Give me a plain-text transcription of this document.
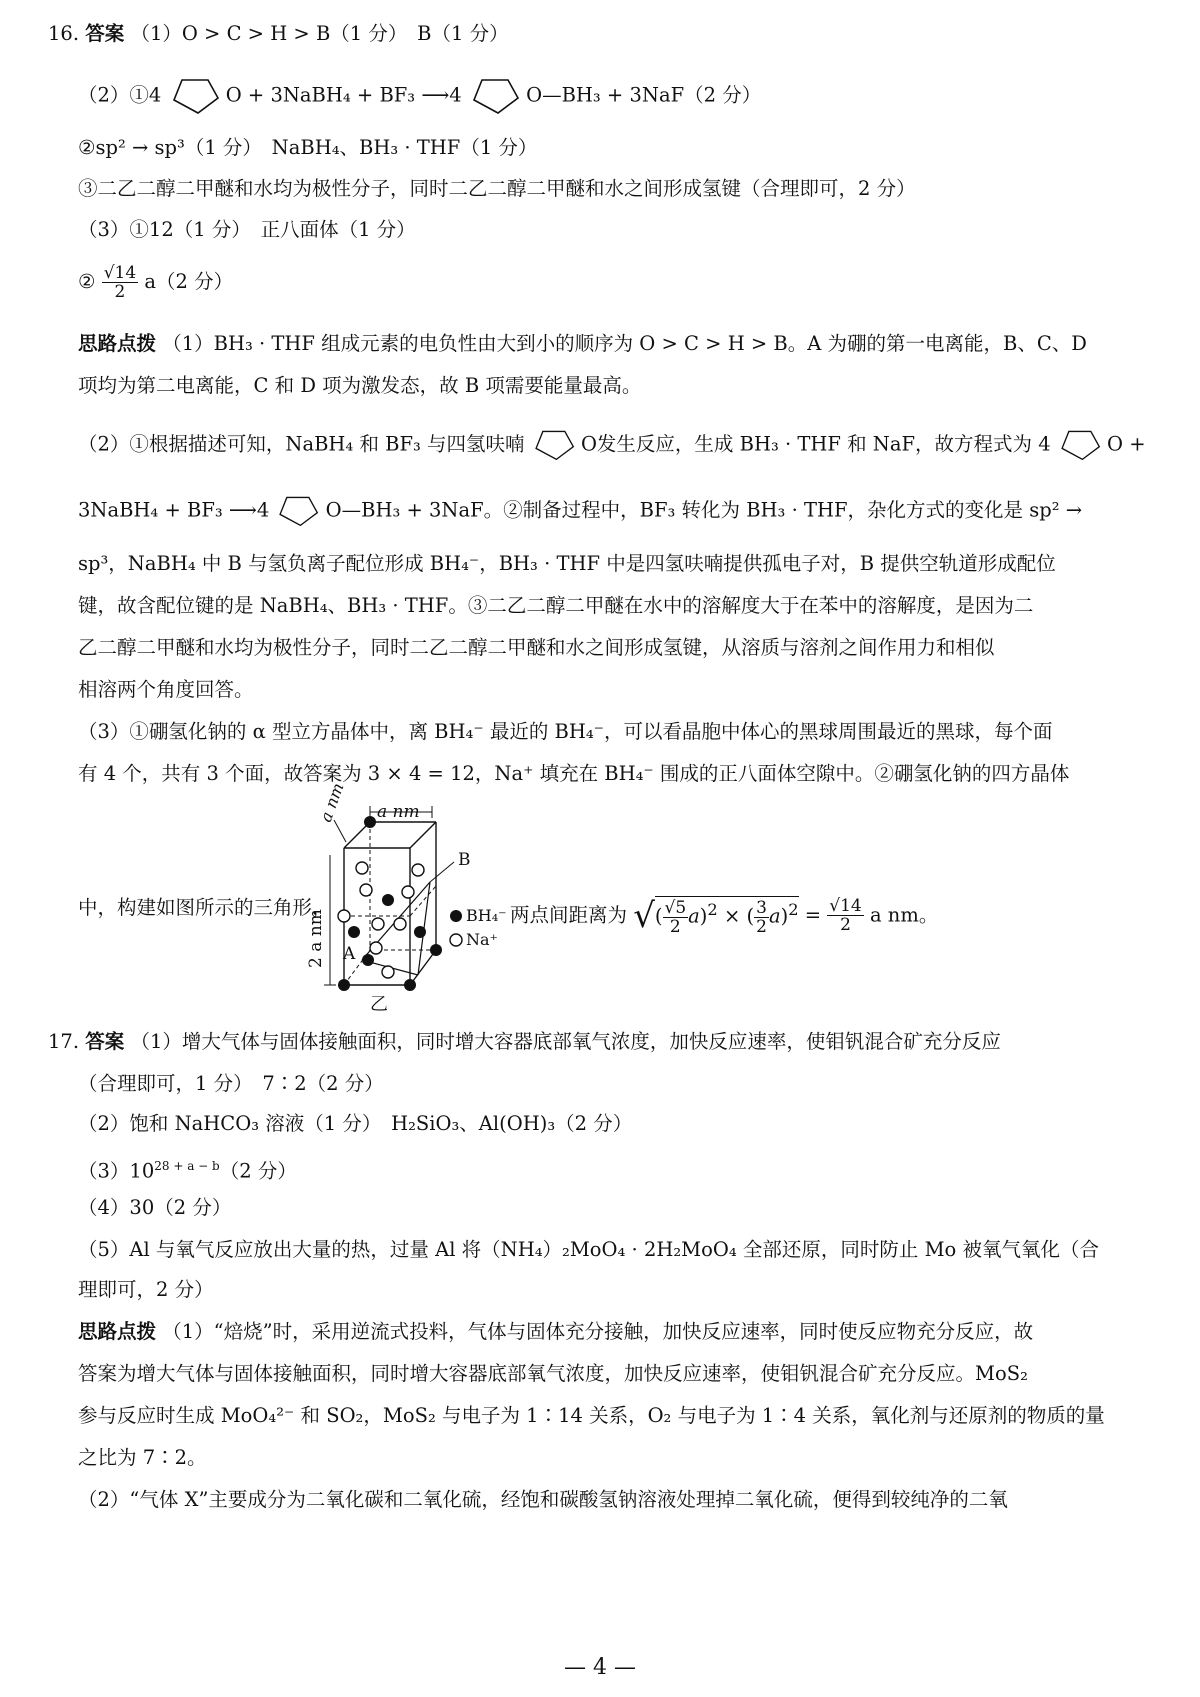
16. 答案 （1）O > C > H > B（1 分）　B（1 分）
（2）①4	O + 3NaBH₄ + BF₃ ⟶4	O—BH₃ + 3NaF（2 分）
②sp² → sp³（1 分）　NaBH₄、BH₃ · THF（1 分）
③二乙二醇二甲醚和水均为极性分子，同时二乙二醇二甲醚和水之间形成氢键（合理即可，2 分）
（3）①12（1 分）　正八面体（1 分）
② $\frac{√14}{2} a(2$ 分）
思路点拨 （1）BH₃ · THF 组成元素的电负性由大到小的顺序为 O > C > H > B。A 为硼的第一电离能，B、C、D
项均为第二电离能，C 和 D 项为激发态，故 B 项需要能量最高。
（2）①根据描述可知，NaBH₄ 和 BF₃ 与四氢呋喃	O发生反应，生成 BH₃ · THF 和 NaF，故方程式为 4	O +
3NaBH₄ + BF₃ ⟶4	O—BH₃ + 3NaF。②制备过程中，BF₃ 转化为 BH₃ · THF，杂化方式的变化是 sp² →
sp³，NaBH₄ 中 B 与氢负离子配位形成 BH₄⁻，BH₃ · THF 中是四氢呋喃提供孤电子对，B 提供空轨道形成配位
键，故含配位键的是 NaBH₄、BH₃ · THF。③二乙二醇二甲醚在水中的溶解度大于在苯中的溶解度，是因为二
乙二醇二甲醚和水均为极性分子，同时二乙二醇二甲醚和水之间形成氢键，从溶质与溶剂之间作用力和相似
相溶两个角度回答。
（3）①硼氢化钠的 α 型立方晶体中，离 BH₄⁻ 最近的 BH₄⁻，可以看晶胞中体心的黑球周围最近的黑球，每个面
有 4 个，共有 3 个面，故答案为 3 × 4 = 12，Na⁺ 填充在 BH₄⁻ 围成的正八面体空隙中。②硼氢化钠的四方晶体
a nm
a nm
2 a nm A
B
BH₄⁻
Na⁺
乙
中，构建如图所示的三角形，	两点间距离为 √( $\frac{√5}{2} a)^2$ × ( $\frac{3}{2} a)^2 = \frac{√14}{2}$ a nm。
17. 答案 （1）增大气体与固体接触面积，同时增大容器底部氧气浓度，加快反应速率，使钼钒混合矿充分反应
（合理即可，1 分）　7∶2（2 分）
（2）饱和 NaHCO₃ 溶液（1 分）　H₂SiO₃、Al(OH)₃（2 分）
$(3)10^{28 + a - b}(2$ 分）
（4）30（2 分）
（5）Al 与氧气反应放出大量的热，过量 Al 将（NH₄）₂MoO₄ · 2H₂MoO₄ 全部还原，同时防止 Mo 被氧气氧化（合
理即可，2 分）
思路点拨 （1）“焙烧”时，采用逆流式投料，气体与固体充分接触，加快反应速率，同时使反应物充分反应，故
答案为增大气体与固体接触面积，同时增大容器底部氧气浓度，加快反应速率，使钼钒混合矿充分反应。MoS₂
参与反应时生成 MoO₄²⁻ 和 SO₂，MoS₂ 与电子为 1∶14 关系，O₂ 与电子为 1∶4 关系，氧化剂与还原剂的物质的量
之比为 7∶2。
（2）“气体 X”主要成分为二氧化碳和二氧化硫，经饱和碳酸氢钠溶液处理掉二氧化硫，便得到较纯净的二氧
— 4 —
